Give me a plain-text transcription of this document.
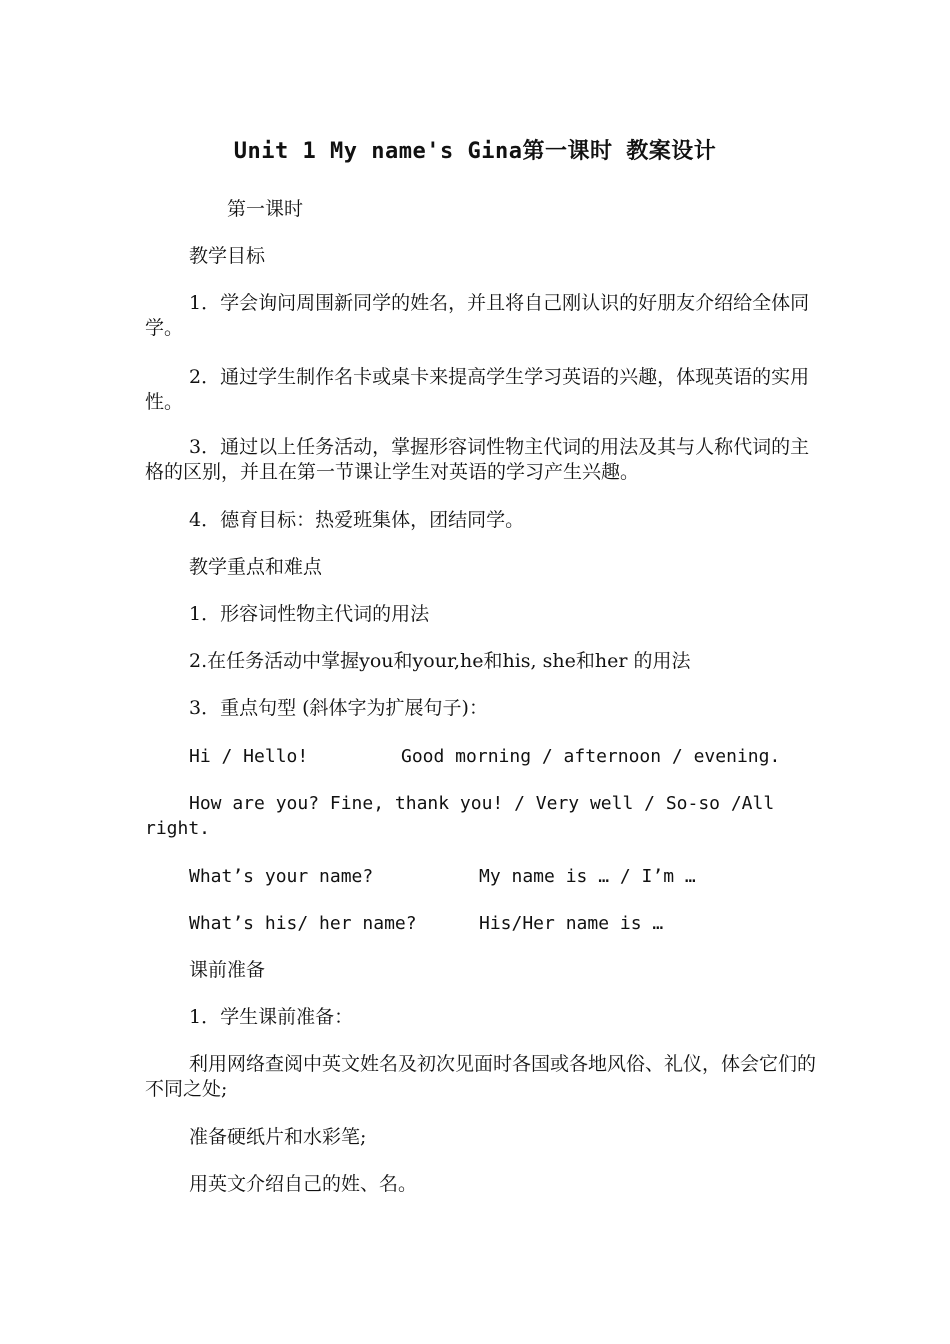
Unit 1 My name's Gina第一课时 教案设计
第一课时
教学目标
1．学会询问周围新同学的姓名，并且将自己刚认识的好朋友介绍给全体同学。
2．通过学生制作名卡或桌卡来提高学生学习英语的兴趣，体现英语的实用性。
3．通过以上任务活动，掌握形容词性物主代词的用法及其与人称代词的主格的区别，并且在第一节课让学生对英语的学习产生兴趣。
4．德育目标：热爱班集体，团结同学。
教学重点和难点
1．形容词性物主代词的用法
2.在任务活动中掌握you和your,he和his, she和her 的用法
3．重点句型 (斜体字为扩展句子)：
Hi / Hello!	Good morning / afternoon / evening.
How are you? Fine, thank you! / Very well / So-so /All right.
What’s your name?	My name is … / I’m …
What’s his/ her name?	His/Her name is …
课前准备
1．学生课前准备：
利用网络查阅中英文姓名及初次见面时各国或各地风俗、礼仪，体会它们的不同之处;
准备硬纸片和水彩笔;
用英文介绍自己的姓、名。
